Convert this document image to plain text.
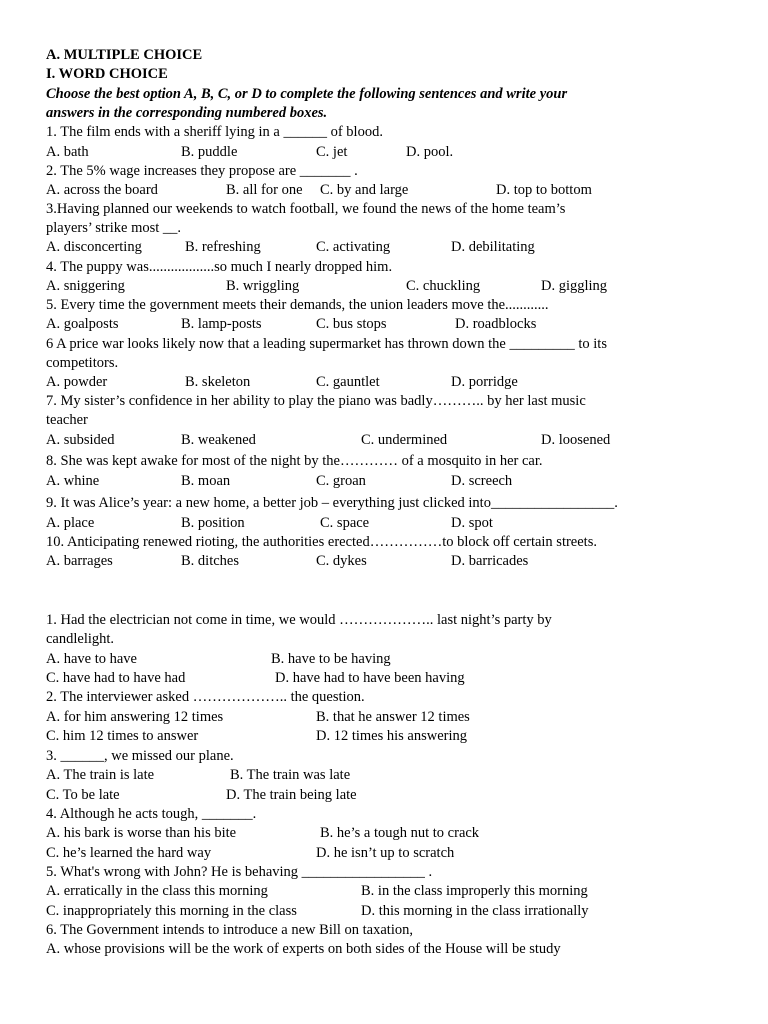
A. MULTIPLE CHOICE
I. WORD CHOICE
Choose the best option A, B, C, or D to complete the following sentences and write your
answers in the corresponding numbered boxes.
1. The film ends with a sheriff lying in a ______ of blood.
A. bath	B. puddle	C. jet	D. pool.
2. The 5% wage increases they propose are _______ .
A. across the board	B. all for one C. by and large	D. top to bottom
3.Having planned our weekends to watch football, we found the news of the home team’s
players’ strike most __.
A. disconcerting	B. refreshing	C. activating	D. debilitating
4. The puppy was..................so much I nearly dropped him.
A. sniggering	B. wriggling	C. chuckling	D. giggling
5. Every time the government meets their demands, the union leaders move the............
A. goalposts	B. lamp-posts	C. bus stops	D. roadblocks
6 A price war looks likely now that a leading supermarket has thrown down the _________ to its
competitors.
A. powder	B. skeleton	C. gauntlet	D. porridge
7. My sister’s confidence in her ability to play the piano was badly……….. by her last music
teacher
A. subsided	B. weakened	C. undermined	D. loosened
8. She was kept awake for most of the night by the………… of a mosquito in her car.
A. whine	B. moan	C. groan	D. screech
9. It was Alice’s year: a new home, a better job – everything just clicked into_________________.
A. place	B. position	C. space	D. spot
10. Anticipating renewed rioting, the authorities erected……………to block off certain streets.
A. barrages	B. ditches	C. dykes	D. barricades
1. Had the electrician not come in time, we would ……………….. last night’s party by
candlelight.
A. have to have	B. have to be having
C. have had to have had	D. have had to have been having
2. The interviewer asked ……………….. the question.
A. for him answering 12 times	B. that he answer 12 times
C. him 12 times to answer	D. 12 times his answering
3. ______, we missed our plane.
A. The train is late	B. The train was late
C. To be late	D. The train being late
4. Although he acts tough, _______.
A. his bark is worse than his bite	B. he’s a tough nut to crack
C. he’s learned the hard way	D. he isn’t up to scratch
5. What's wrong with John? He is behaving _________________ .
A. erratically in the class this morning	B. in the class improperly this morning
C. inappropriately this morning in the class	D. this morning in the class irrationally
6. The Government intends to introduce a new Bill on taxation,
A. whose provisions will be the work of experts on both sides of the House will be study
